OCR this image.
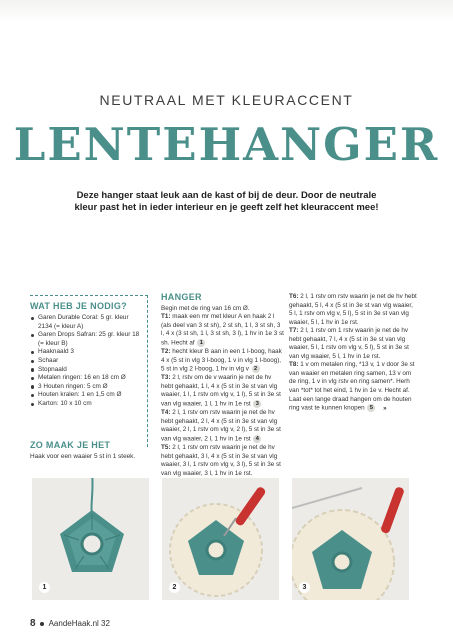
NEUTRAAL MET KLEURACCENT
LENTEHANGER
Deze hanger staat leuk aan de kast of bij de deur. Door de neutrale kleur past het in ieder interieur en je geeft zelf het kleuraccent mee!
WAT HEB JE NODIG?
Garen Durable Coral: 5 gr. kleur 2134 (= kleur A)
Garen Drops Safran: 25 gr. kleur 18 (= kleur B)
Haaknaald 3
Schaar
Stopnaald
Metalen ringen: 16 en 18 cm Ø
3 Houten ringen: 5 cm Ø
Houten kralen: 1 en 1,5 cm Ø
Karton: 10 x 10 cm
ZO MAAK JE HET

Haak voor een waaier 5 st in 1 steek.

HANGER

Begin met de ring van 16 cm Ø.

T1: maak een mr met kleur A en haak 2 l (als deel van 3 st sh), 2 st sh, 1 l, 3 st sh, 3 l, 4 x (3 st sh, 1 l, 3 st sh, 3 l), 1 hv in 1e 3 st sh. Hecht af 1

T2: hecht kleur B aan in een 1 l-boog, haak 4 x (5 st in vlg 3 l-boog, 1 v in vlg 1 l-boog), 5 st in vlg 2 l-boog, 1 hv in vlg v 2

T3: 2 l, rstv om de v waarin je net de hv hebt gehaakt, 1 l, 4 x (5 st in 3e st van vlg waaier, 1 l, 1 rstv om vlg v, 1 l), 5 st in 3e st van vlg waaier, 1 l, 1 hv in 1e rst 3

T4: 2 l, 1 rstv om rstv waarin je net de hv hebt gehaakt, 2 l, 4 x (5 st in 3e st van vlg waaier, 2 l, 1 rstv om vlg v, 2 l), 5 st in 3e st van vlg waaier, 2 l, 1 hv in 1e rst 4

T5: 2 l, 1 rstv om rstv waarin je net de hv hebt gehaakt, 3 l, 4 x (5 st in 3e st van vlg waaier, 3 l, 1 rstv om vlg v, 3 l), 5 st in 3e st van vlg waaier, 3 l, 1 hv in 1e rst.

T6: 2 l, 1 rstv om rstv waarin je net de hv hebt gehaakt, 5 l, 4 x (5 st in 3e st van vlg waaier, 5 l, 1 rstv om vlg v, 5 l), 5 st in 3e st van vlg waaier, 5 l, 1 hv in 1e rst.

T7: 2 l, 1 rstv om 1 rstv waarin je net de hv hebt gehaakt, 7 l, 4 x (5 st in 3e st van vlg waaier, 5 l, 1 rstv om vlg v, 5 l), 5 st in 3e st van vlg waaier, 5 l, 1 hv in 1e rst.

T8: 1 v om metalen ring, *13 v, 1 v door 3e st van waaier en metalen ring samen, 13 v om de ring, 1 v in vlg rstv en ring samen*. Herh van *tot* tot het eind, 1 hv in 1e v. Hecht af. Laat een lange draad hangen om de houten ring vast te kunnen knopen 5 »

1	2	3
8 AandeHaak.nl 32
